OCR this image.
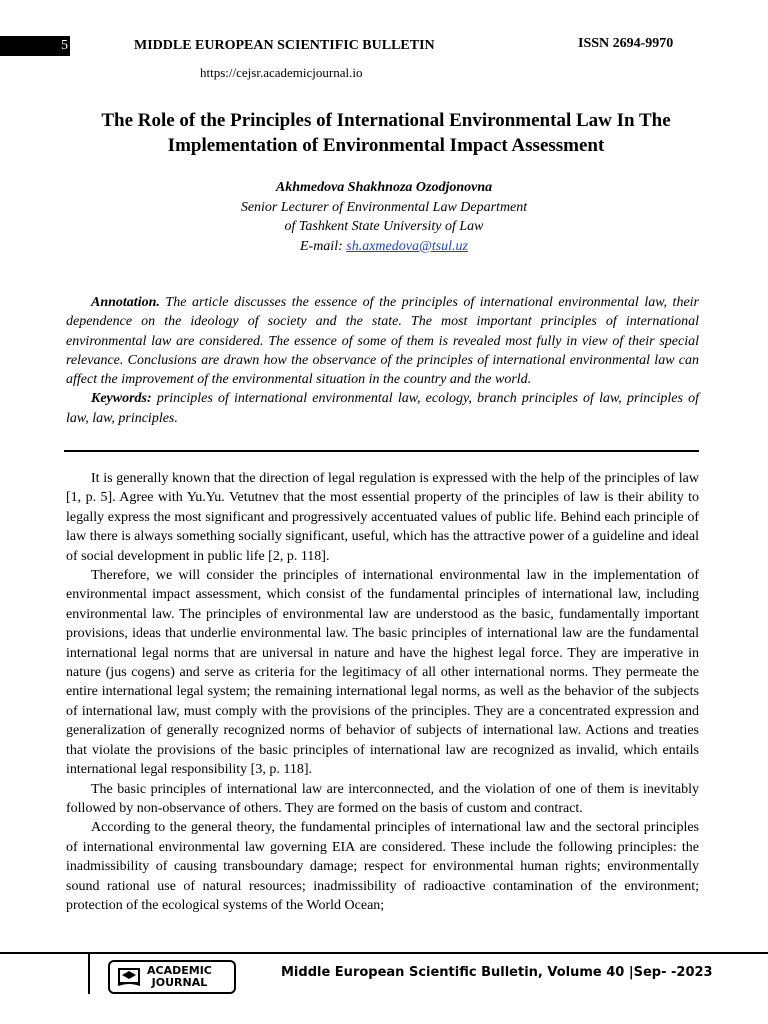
5	MIDDLE EUROPEAN SCIENTIFIC BULLETIN	ISSN 2694-9970
https://cejsr.academicjournal.io
The Role of the Principles of International Environmental Law In The
Implementation of Environmental Impact Assessment
Akhmedova Shakhnoza Ozodjonovna
Senior Lecturer of Environmental Law Department
of Tashkent State University of Law
E-mail: sh.axmedova@tsul.uz

Annotation. The article discusses the essence of the principles of international environmental law, their dependence on the ideology of society and the state. The most important principles of international environmental law are considered. The essence of some of them is revealed most fully in view of their special relevance. Conclusions are drawn how the observance of the principles of international environmental law can affect the improvement of the environmental situation in the country and the world.

Keywords: principles of international environmental law, ecology, branch principles of law, principles of law, law, principles.

It is generally known that the direction of legal regulation is expressed with the help of the principles of law [1, p. 5]. Agree with Yu.Yu. Vetutnev that the most essential property of the principles of law is their ability to legally express the most significant and progressively accentuated values of public life. Behind each principle of law there is always something socially significant, useful, which has the attractive power of a guideline and ideal of social development in public life [2, p. 118].

Therefore, we will consider the principles of international environmental law in the implementation of environmental impact assessment, which consist of the fundamental principles of international law, including environmental law. The principles of environmental law are understood as the basic, fundamentally important provisions, ideas that underlie environmental law. The basic principles of international law are the fundamental international legal norms that are universal in nature and have the highest legal force. They are imperative in nature (jus cogens) and serve as criteria for the legitimacy of all other international norms. They permeate the entire international legal system; the remaining international legal norms, as well as the behavior of the subjects of international law, must comply with the provisions of the principles. They are a concentrated expression and generalization of generally recognized norms of behavior of subjects of international law. Actions and treaties that violate the provisions of the basic principles of international law are recognized as invalid, which entails international legal responsibility [3, p. 118].

The basic principles of international law are interconnected, and the violation of one of them is inevitably followed by non-observance of others. They are formed on the basis of custom and contract.

According to the general theory, the fundamental principles of international law and the sectoral principles of international environmental law governing EIA are considered. These include the following principles: the inadmissibility of causing transboundary damage; respect for environmental human rights; environmentally sound rational use of natural resources; inadmissibility of radioactive contamination of the environment; protection of the ecological systems of the World Ocean;

ACADEMIC
JOURNAL
Middle European Scientific Bulletin, Volume 40 |Sep- -2023
